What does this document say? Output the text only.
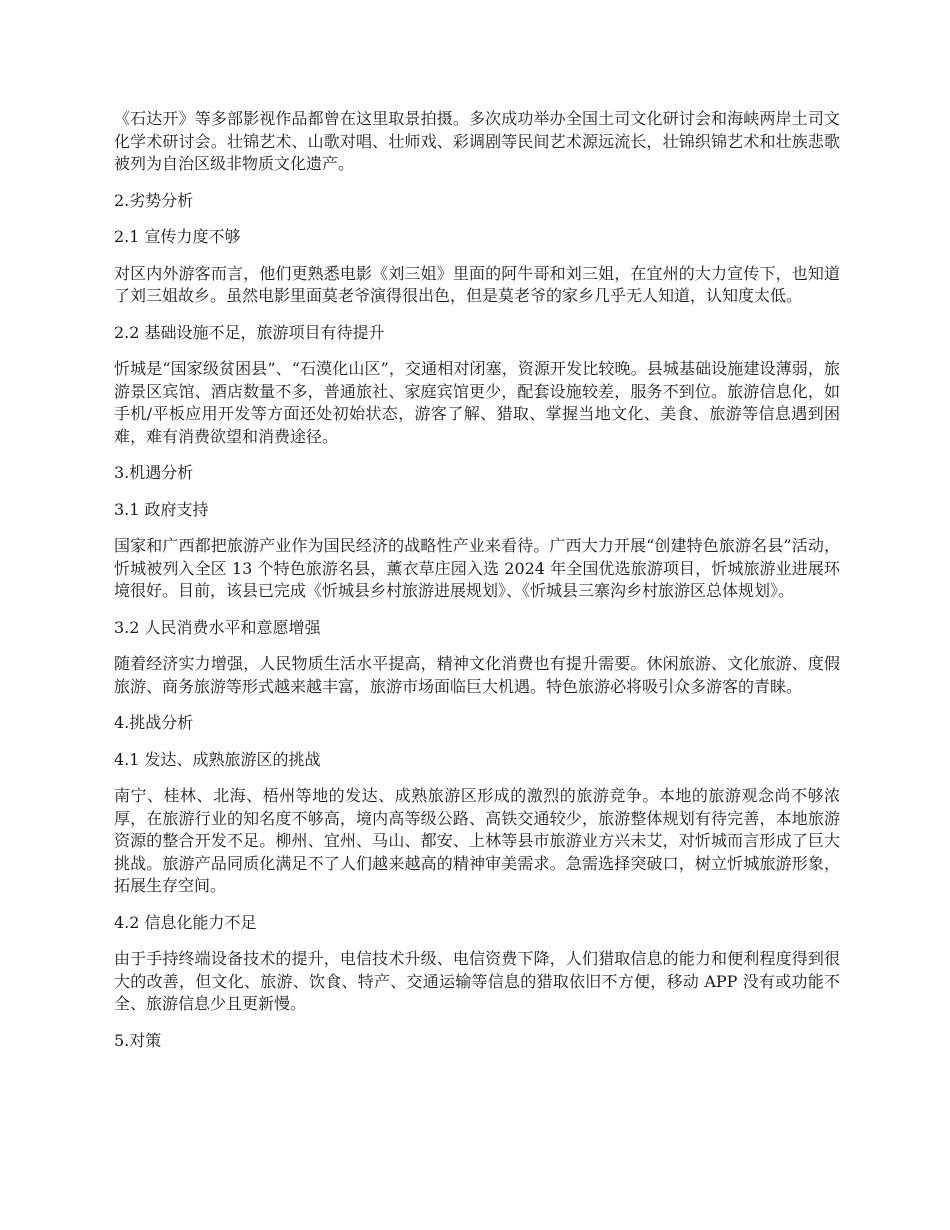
《石达开》等多部影视作品都曾在这里取景拍摄。多次成功举办全国土司文化研讨会和海峡两岸土司文化学术研讨会。壮锦艺术、山歌对唱、壮师戏、彩调剧等民间艺术源远流长，壮锦织锦艺术和壮族悲歌被列为自治区级非物质文化遗产。

2.劣势分析

2.1 宣传力度不够

对区内外游客而言，他们更熟悉电影《刘三姐》里面的阿牛哥和刘三姐，在宜州的大力宣传下，也知道了刘三姐故乡。虽然电影里面莫老爷演得很出色，但是莫老爷的家乡几乎无人知道，认知度太低。

2.2 基础设施不足，旅游项目有待提升

忻城是“国家级贫困县”、“石漠化山区”，交通相对闭塞，资源开发比较晚。县城基础设施建设薄弱，旅游景区宾馆、酒店数量不多，普通旅社、家庭宾馆更少，配套设施较差，服务不到位。旅游信息化，如手机/平板应用开发等方面还处初始状态，游客了解、猎取、掌握当地文化、美食、旅游等信息遇到困难，难有消费欲望和消费途径。

3.机遇分析

3.1 政府支持

国家和广西都把旅游产业作为国民经济的战略性产业来看待。广西大力开展“创建特色旅游名县”活动，忻城被列入全区 13 个特色旅游名县，薰衣草庄园入选 2024 年全国优选旅游项目，忻城旅游业进展环境很好。目前，该县已完成《忻城县乡村旅游进展规划》、《忻城县三寨沟乡村旅游区总体规划》。

3.2 人民消费水平和意愿增强

随着经济实力增强，人民物质生活水平提高，精神文化消费也有提升需要。休闲旅游、文化旅游、度假旅游、商务旅游等形式越来越丰富，旅游市场面临巨大机遇。特色旅游必将吸引众多游客的青睐。

4.挑战分析

4.1 发达、成熟旅游区的挑战

南宁、桂林、北海、梧州等地的发达、成熟旅游区形成的激烈的旅游竞争。本地的旅游观念尚不够浓厚，在旅游行业的知名度不够高，境内高等级公路、高铁交通较少，旅游整体规划有待完善，本地旅游资源的整合开发不足。柳州、宜州、马山、都安、上林等县市旅游业方兴未艾，对忻城而言形成了巨大挑战。旅游产品同质化满足不了人们越来越高的精神审美需求。急需选择突破口，树立忻城旅游形象，拓展生存空间。

4.2 信息化能力不足

由于手持终端设备技术的提升，电信技术升级、电信资费下降，人们猎取信息的能力和便利程度得到很大的改善，但文化、旅游、饮食、特产、交通运输等信息的猎取依旧不方便，移动 APP 没有或功能不全、旅游信息少且更新慢。

5.对策
